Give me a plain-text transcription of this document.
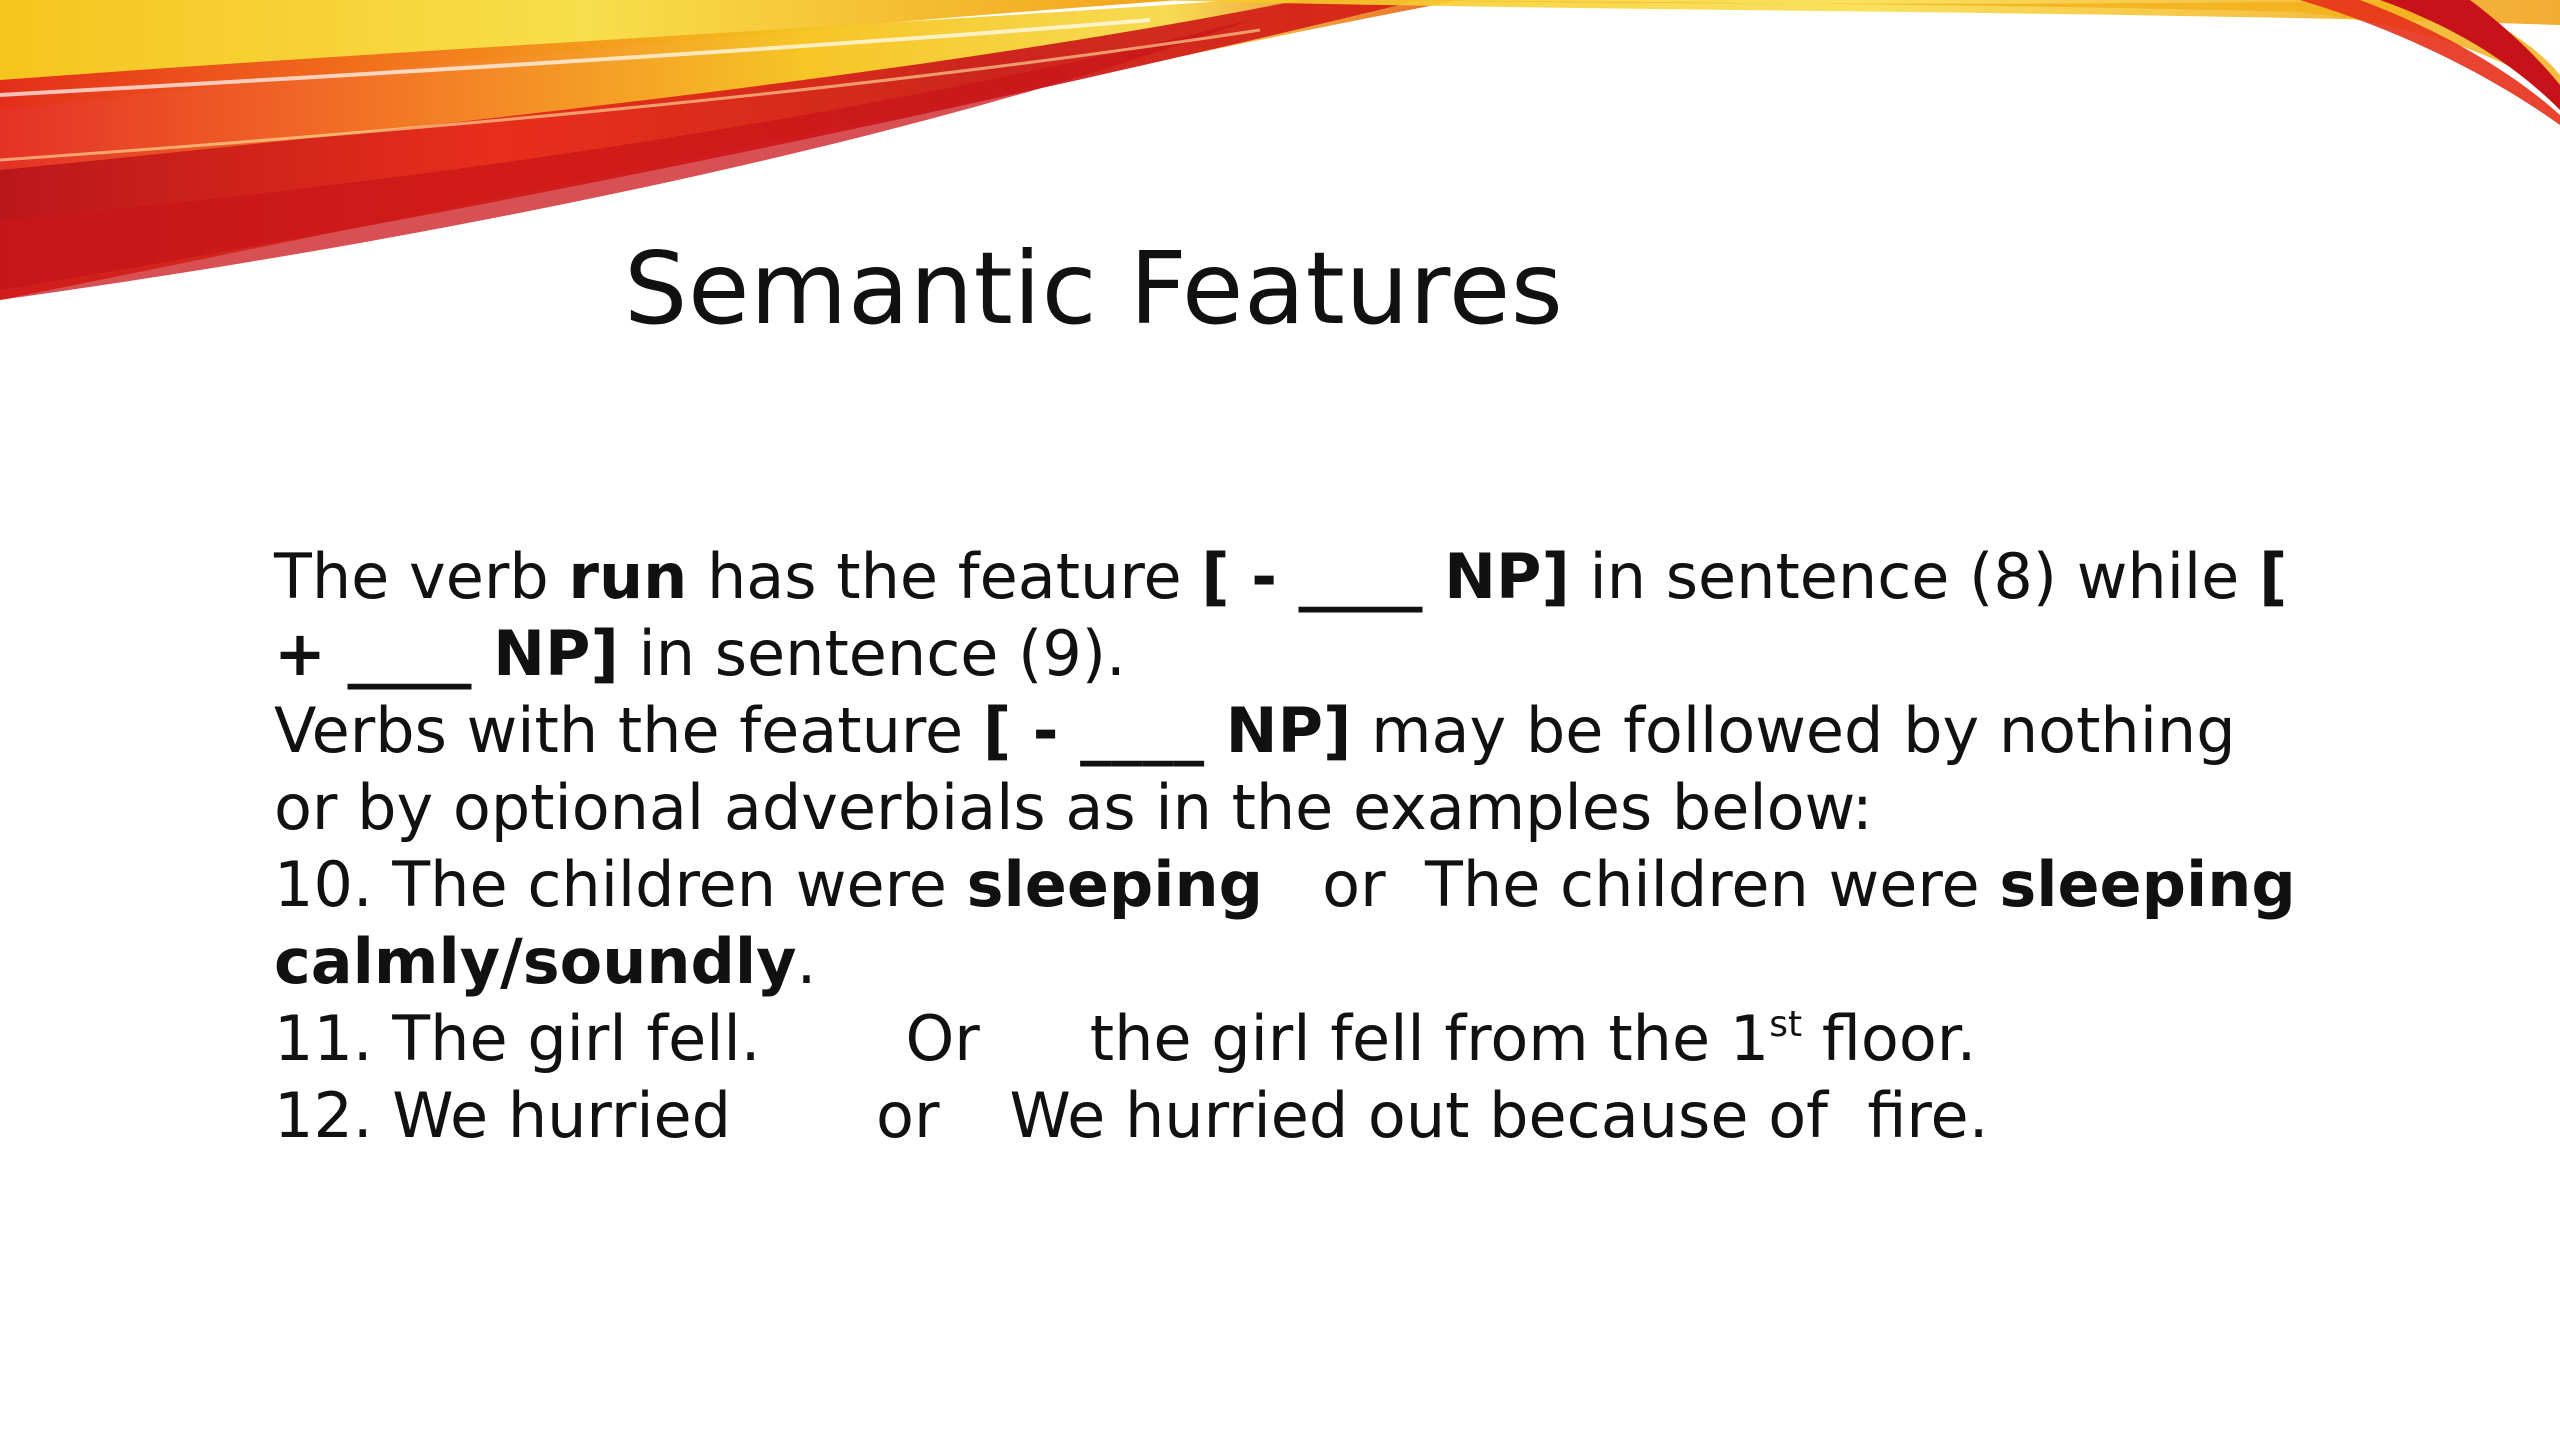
Semantic Features
The verb run has the feature [ - ____ NP] in sentence (8) while [
+ ____ NP] in sentence (9).
Verbs with the feature [ - ____ NP] may be followed by nothing
or by optional adverbials as in the examples below:
10. The children were sleeping   or  The children were sleeping
calmly/soundly.
11. The girl fell. Or the girl fell from the 1st floor.
12. We hurried or We hurried out because of  fire.
